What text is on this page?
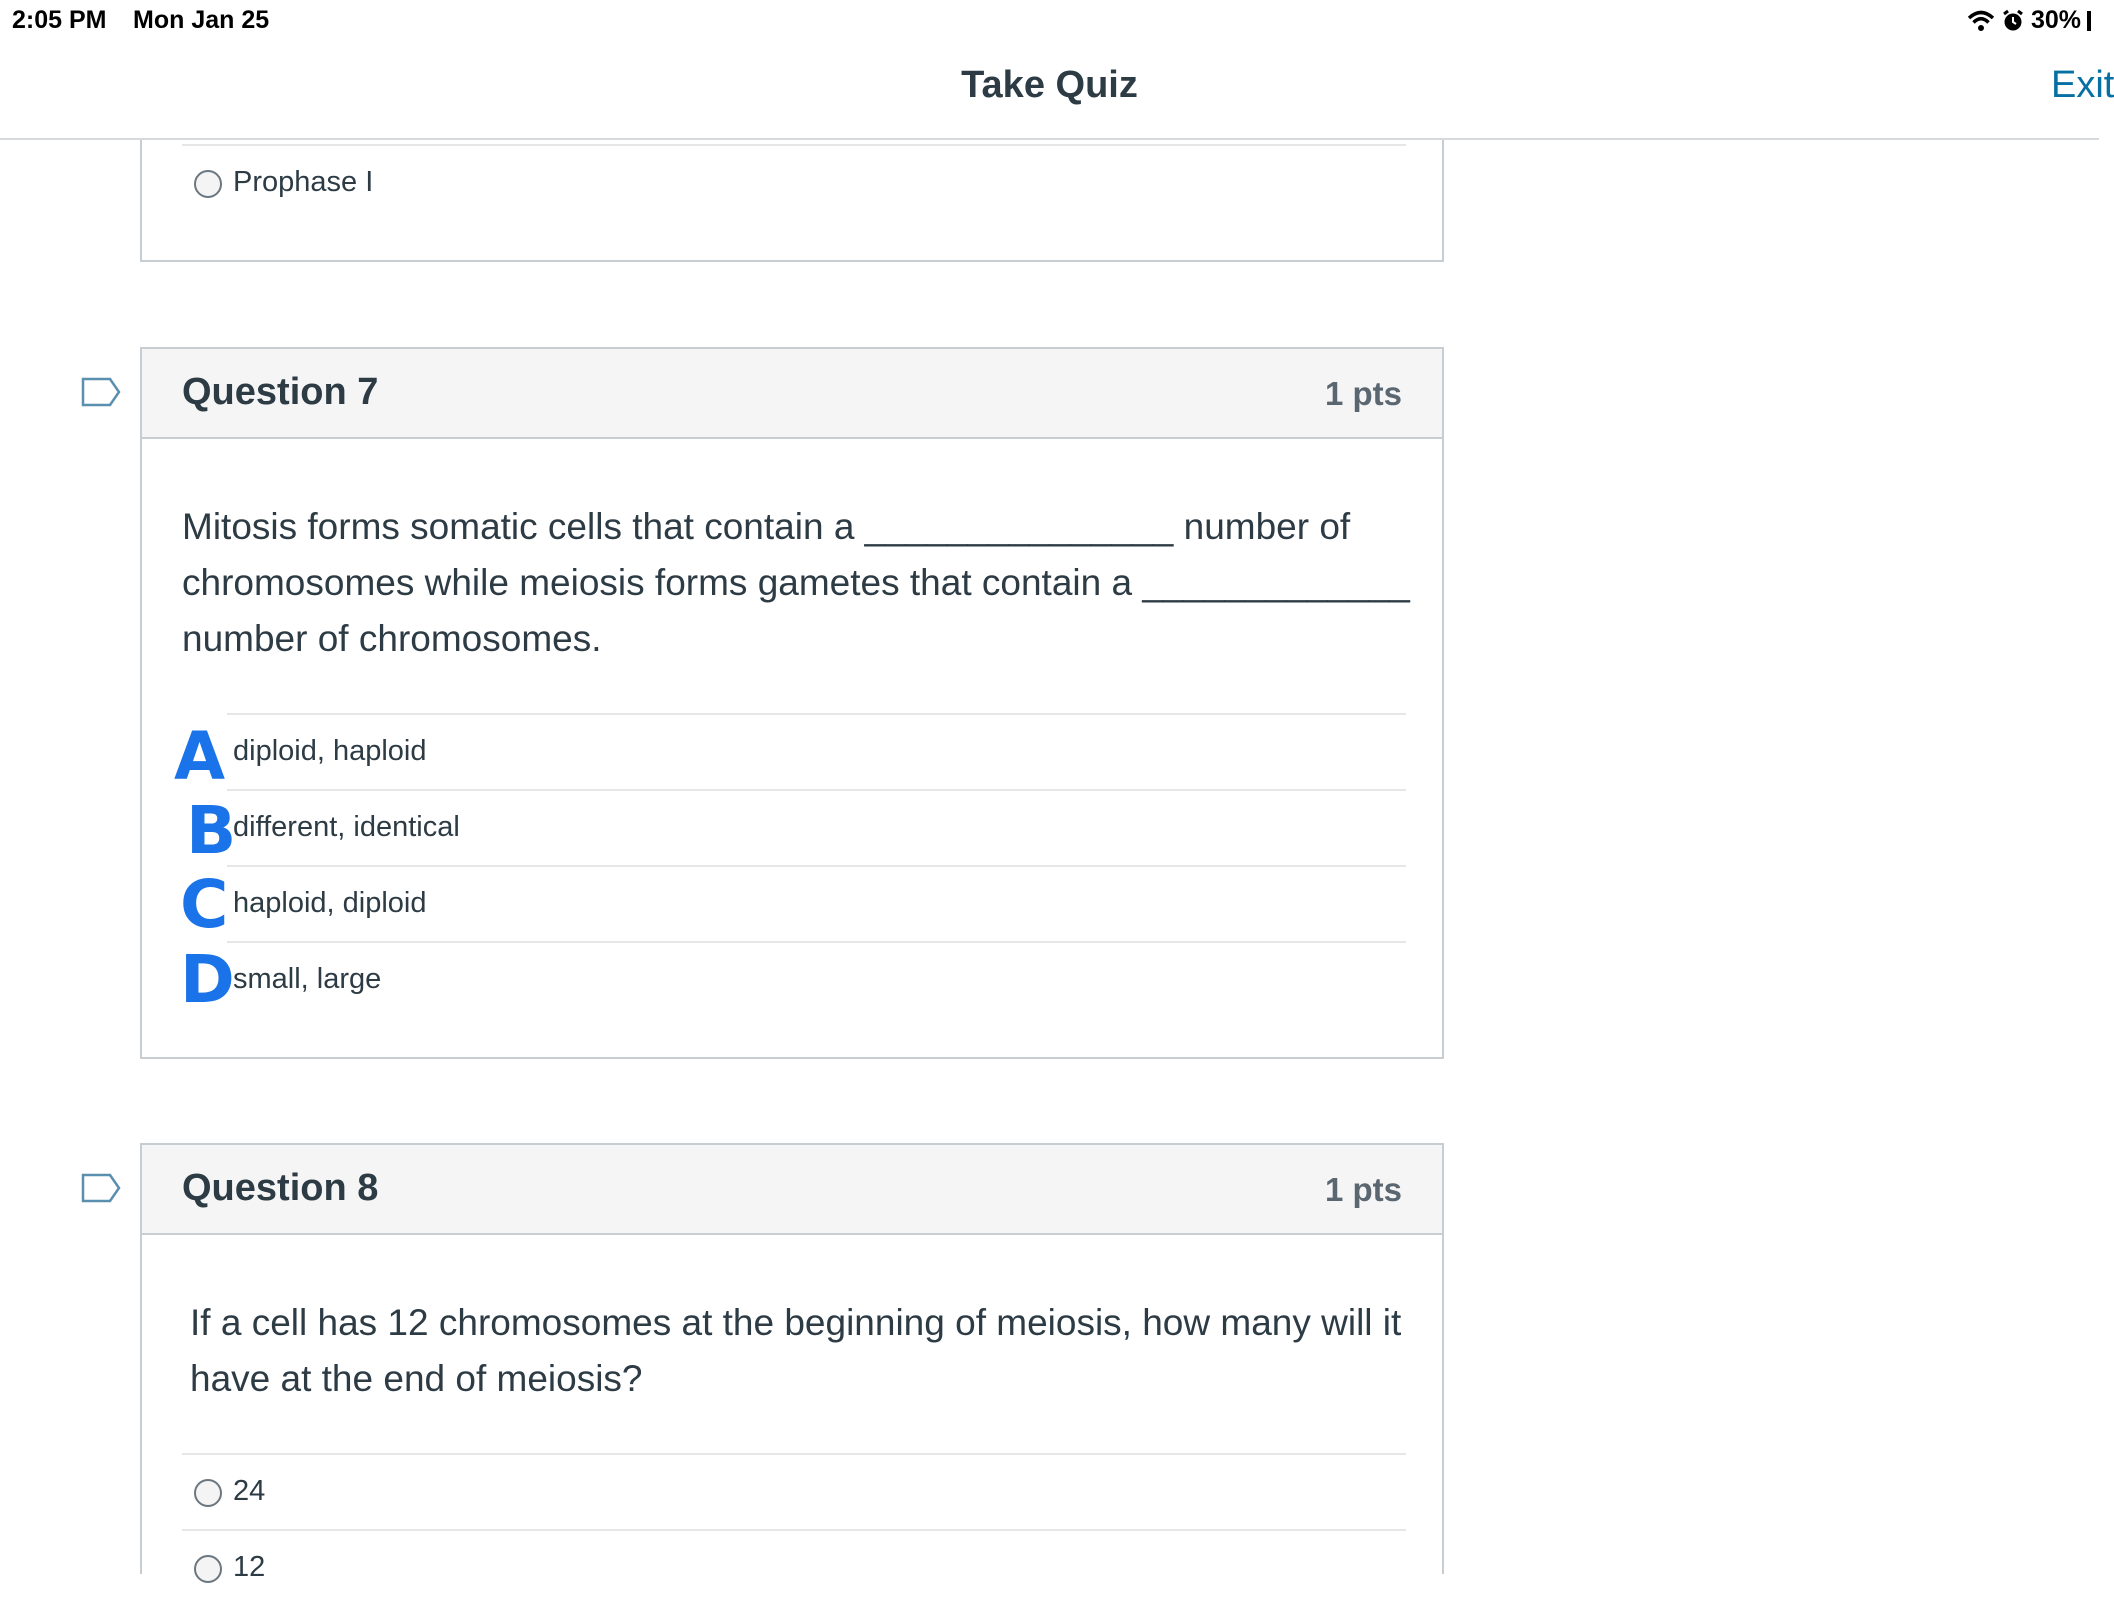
2:05 PM Mon Jan 25	30%
Take Quiz	Exit
Prophase I
Question 7	1 pts
Mitosis forms somatic cells that contain a _______________ number of chromosomes while meiosis forms gametes that contain a _____________ number of chromosomes.
diploid, haploid
different, identical
haploid, diploid
small, large
A
B
C
D
Question 8	1 pts
If a cell has 12 chromosomes at the beginning of meiosis, how many will it have at the end of meiosis?
24
12
